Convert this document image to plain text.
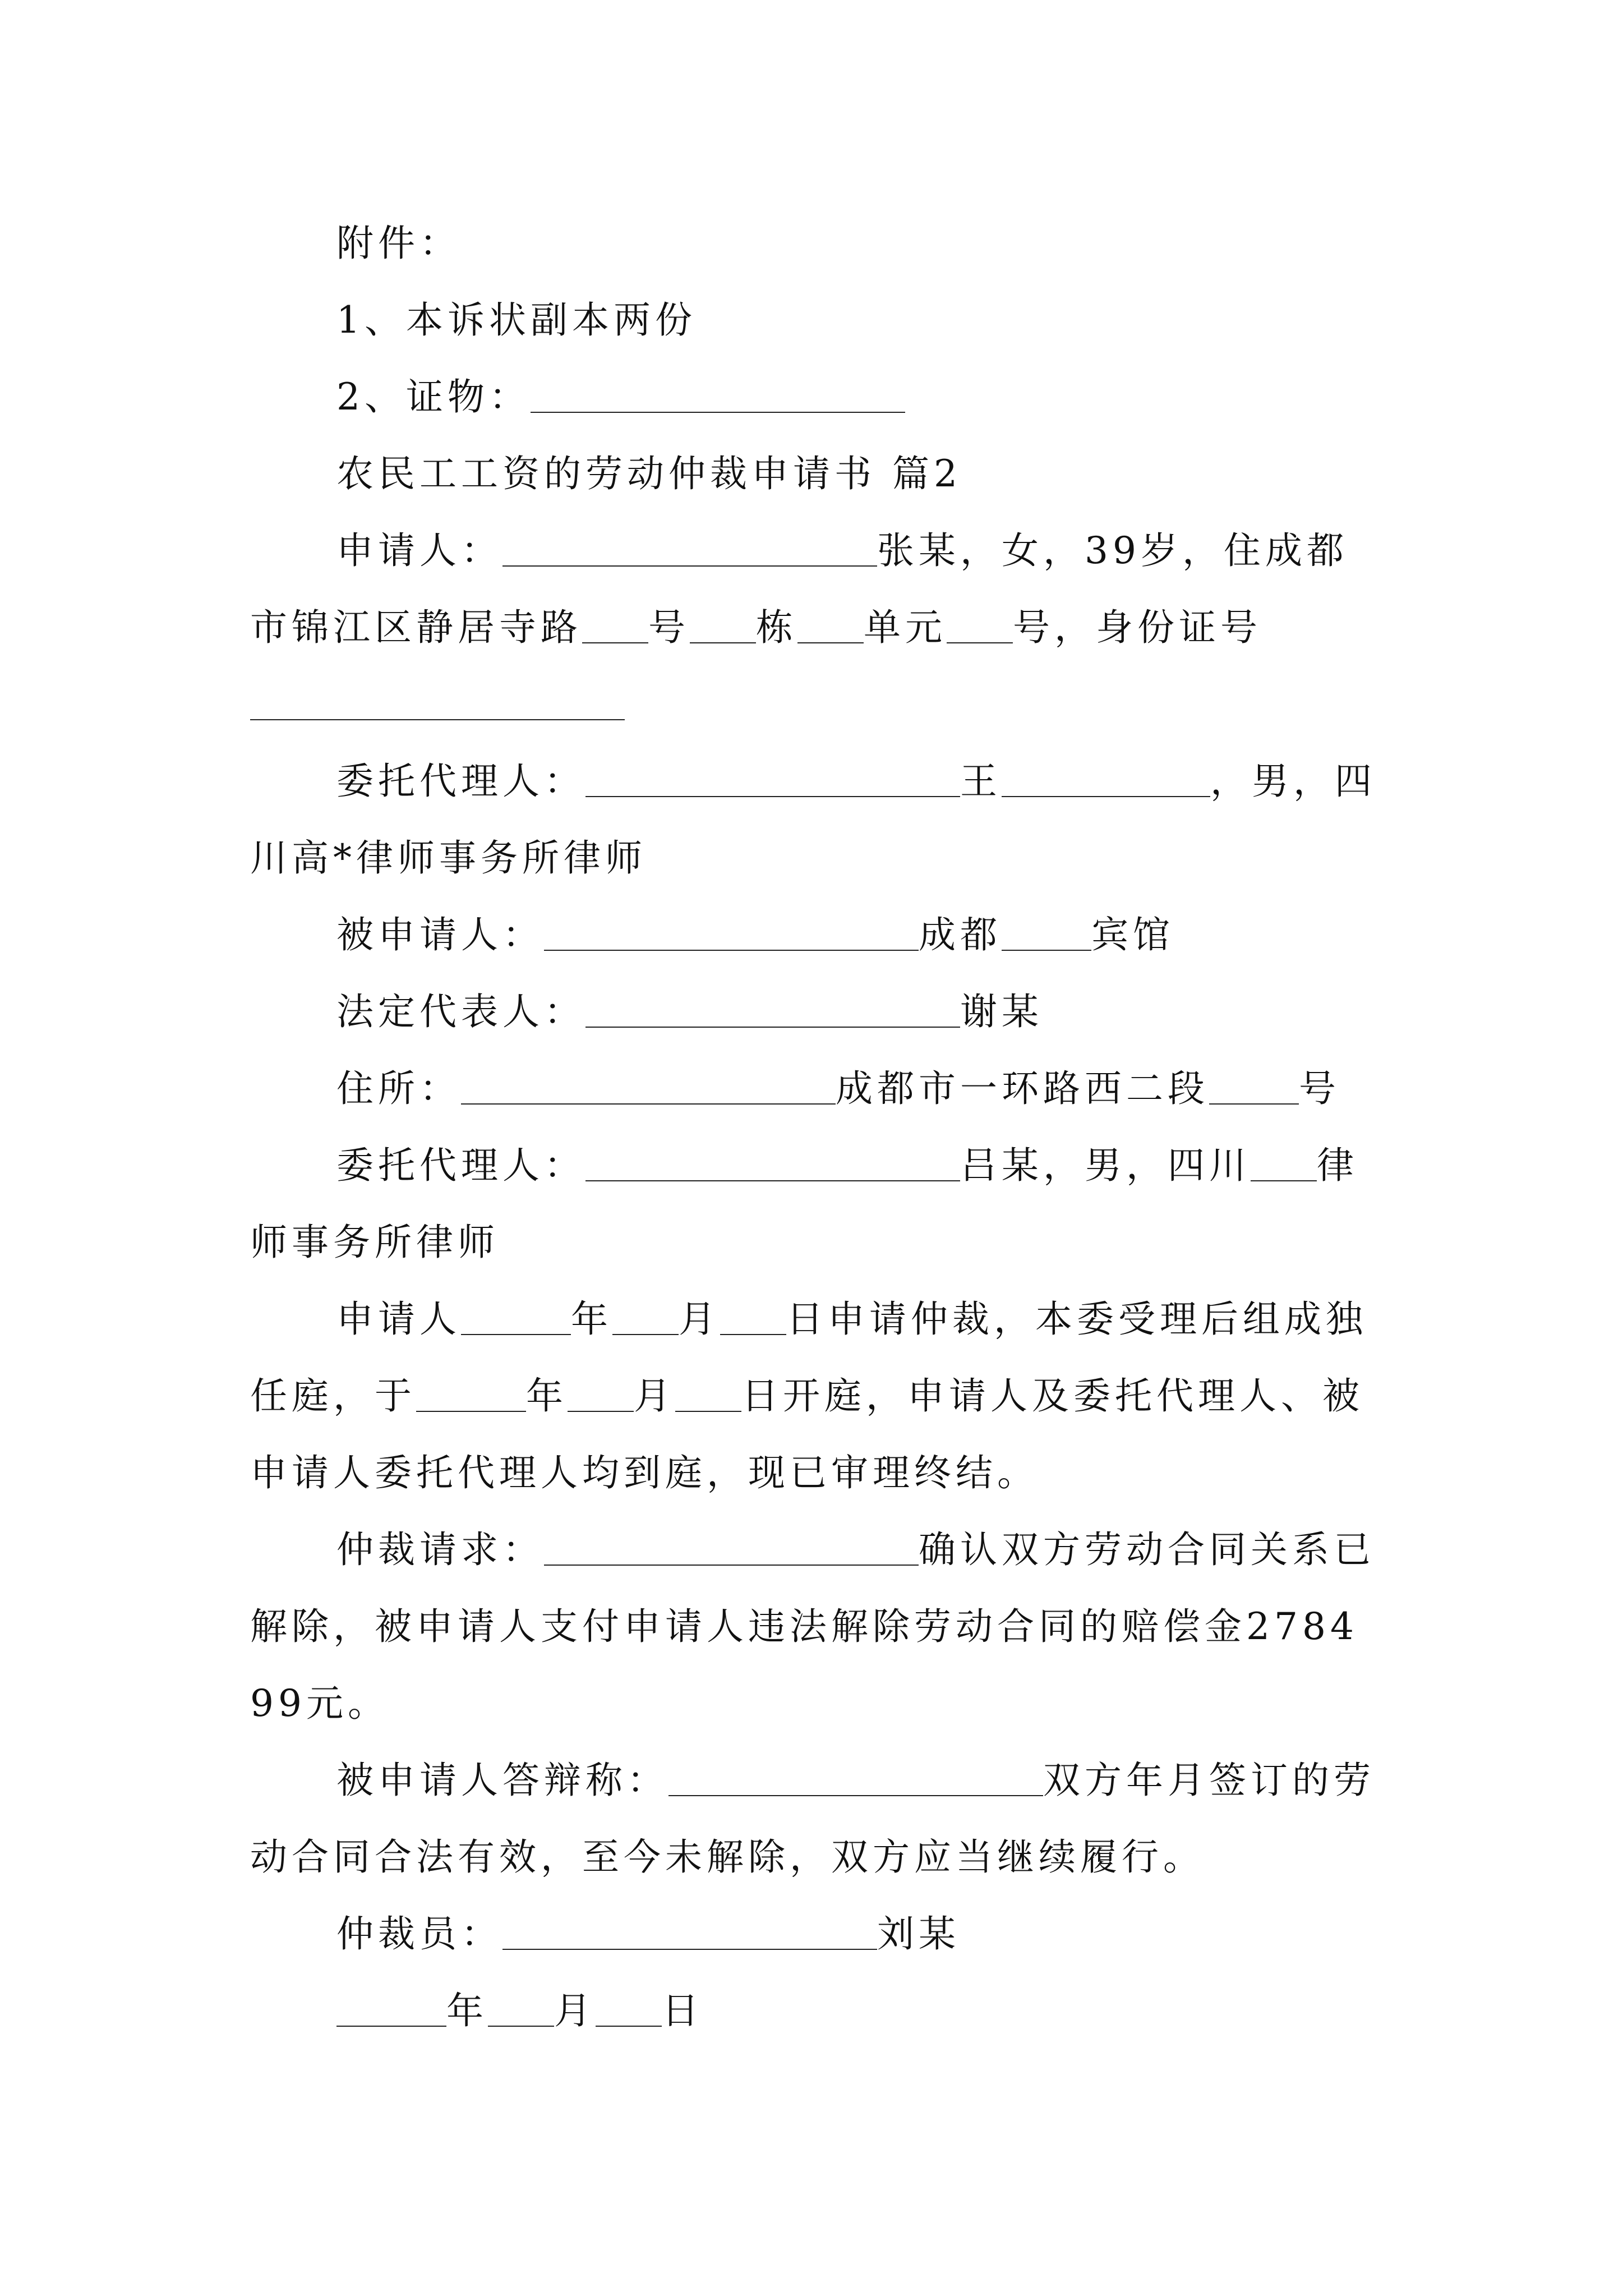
附件：

1、本诉状副本两份

2、证物：

农民工工资的劳动仲裁申请书 篇2

申请人：	张某，女，39岁，住成都市锦江区静居寺路 号 栋 单元 号，身份证号

委托代理人：	王	，男，四川高*律师事务所律师

被申请人：	成都 宾馆

法定代表人：	谢某

住所：	成都市一环路西二段 号

委托代理人：	吕某，男，四川 律师事务所律师

申请人	年 月 日申请仲裁，本委受理后组成独任庭，于	年 月 日开庭，申请人及委托代理人、被申请人委托代理人均到庭，现已审理终结。

仲裁请求：	确认双方劳动合同关系已解除，被申请人支付申请人违法解除劳动合同的赔偿金278499元。

被申请人答辩称：	双方年月签订的劳动合同合法有效，至今未解除，双方应当继续履行。

仲裁员：	刘某

年 月 日
